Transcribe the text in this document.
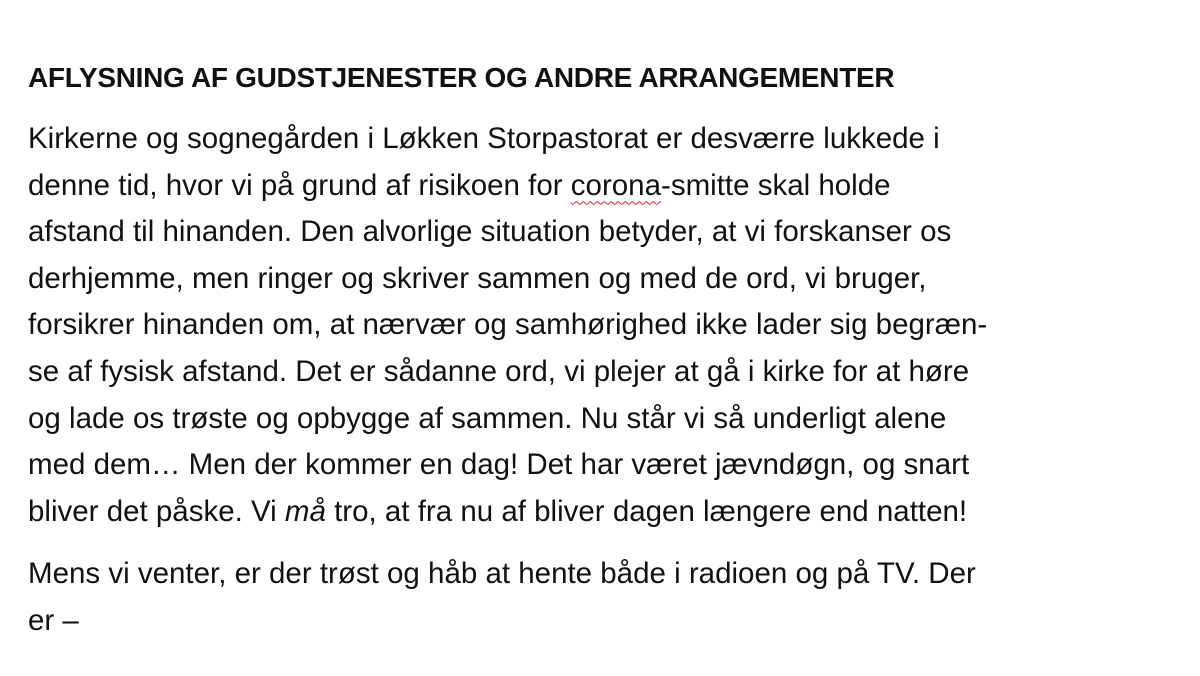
AFLYSNING AF GUDSTJENESTER OG ANDRE ARRANGEMENTER

Kirkerne og sognegården i Løkken Storpastorat er desværre lukkede i
denne tid, hvor vi på grund af risikoen for corona-smitte skal holde
afstand til hinanden. Den alvorlige situation betyder, at vi forskanser os
derhjemme, men ringer og skriver sammen og med de ord, vi bruger,
forsikrer hinanden om, at nærvær og samhørighed ikke lader sig begræn-
se af fysisk afstand. Det er sådanne ord, vi plejer at gå i kirke for at høre
og lade os trøste og opbygge af sammen. Nu står vi så underligt alene
med dem… Men der kommer en dag! Det har været jævndøgn, og snart
bliver det påske. Vi må tro, at fra nu af bliver dagen længere end natten!

Mens vi venter, er der trøst og håb at hente både i radioen og på TV. Der
er –
